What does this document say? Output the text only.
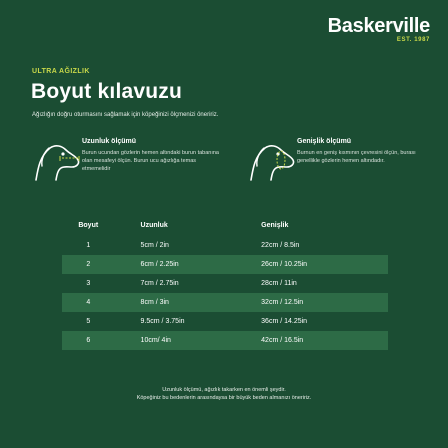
Baskerville
EST. 1987
ULTRA AĞIZLIK
Boyut kılavuzu
Ağızlığın doğru oturmasını sağlamak için köpeğinizi ölçmenizi öneririz.
Uzunluk ölçümü
Burun ucundan gözlerin hemen altındaki burun tabanına olan mesafeyi ölçün. Burun ucu ağızlığa temas etmemelidir
Genişlik ölçümü
Burnun en geniş kısmının çevresini ölçün, burası genellikle gözlerin hemen altındadır.
Boyut	Uzunluk	Genişlik
1	5cm / 2in	22cm / 8.5in
2	6cm / 2.25in	26cm / 10.25in
3	7cm / 2.75in	28cm / 11in
4	8cm / 3in	32cm / 12.5in
5	9.5cm / 3.75in	36cm / 14.25in
6	10cm/ 4in	42cm / 16.5in
Uzunluk ölçümü, ağızlık takarken en önemli şeydir.
Köpeğiniz bu bedenlerin arasındaysa bir büyük beden almanızı öneririz.
